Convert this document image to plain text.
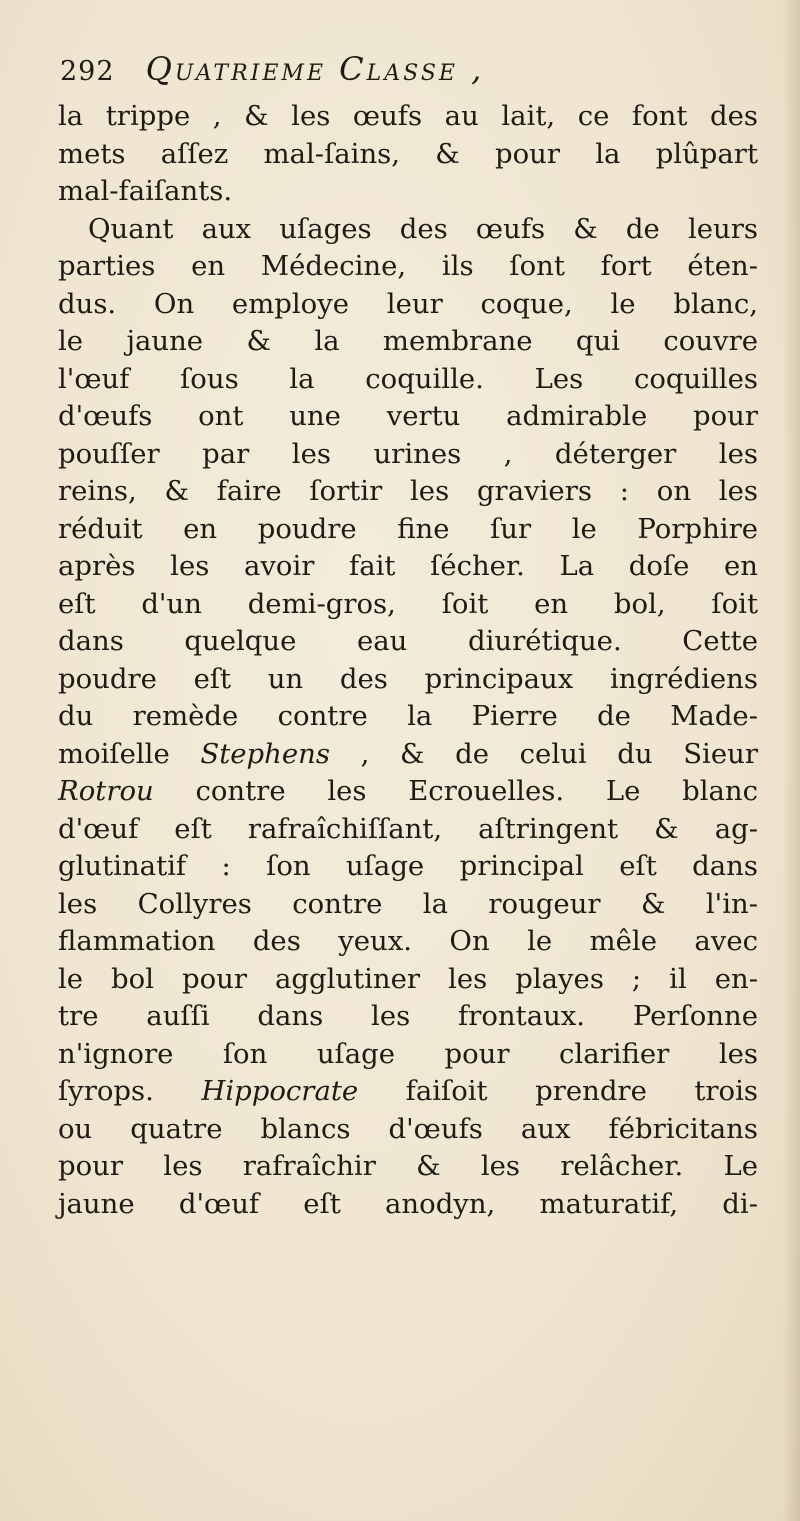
292 Quatrieme Classe ,
la trippe , & les œufs au lait, ce font des
mets aſſez mal-ſains, & pour la plûpart
mal-faiſants.
Quant aux uſages des œufs & de leurs
parties en Médecine, ils ſont fort éten-
dus. On employe leur coque, le blanc,
le jaune & la membrane qui couvre
l'œuf ſous la coquille. Les coquilles
d'œufs ont une vertu admirable pour
pouſſer par les urines , déterger les
reins, & faire ſortir les graviers : on les
réduit en poudre fine ſur le Porphire
après les avoir fait ſécher. La doſe en
eſt d'un demi-gros, ſoit en bol, ſoit
dans quelque eau diurétique. Cette
poudre eſt un des principaux ingrédiens
du remède contre la Pierre de Made-
moiſelle Stephens , & de celui du Sieur
Rotrou contre les Ecrouelles. Le blanc
d'œuf eſt rafraîchiſſant, aſtringent & ag-
glutinatif : ſon uſage principal eſt dans
les Collyres contre la rougeur & l'in-
flammation des yeux. On le mêle avec
le bol pour agglutiner les playes ; il en-
tre auſſi dans les frontaux. Perſonne
n'ignore ſon uſage pour clarifier les
ſyrops. Hippocrate faiſoit prendre trois
ou quatre blancs d'œufs aux fébricitans
pour les rafraîchir & les relâcher. Le
jaune d'œuf eſt anodyn, maturatif, di-
